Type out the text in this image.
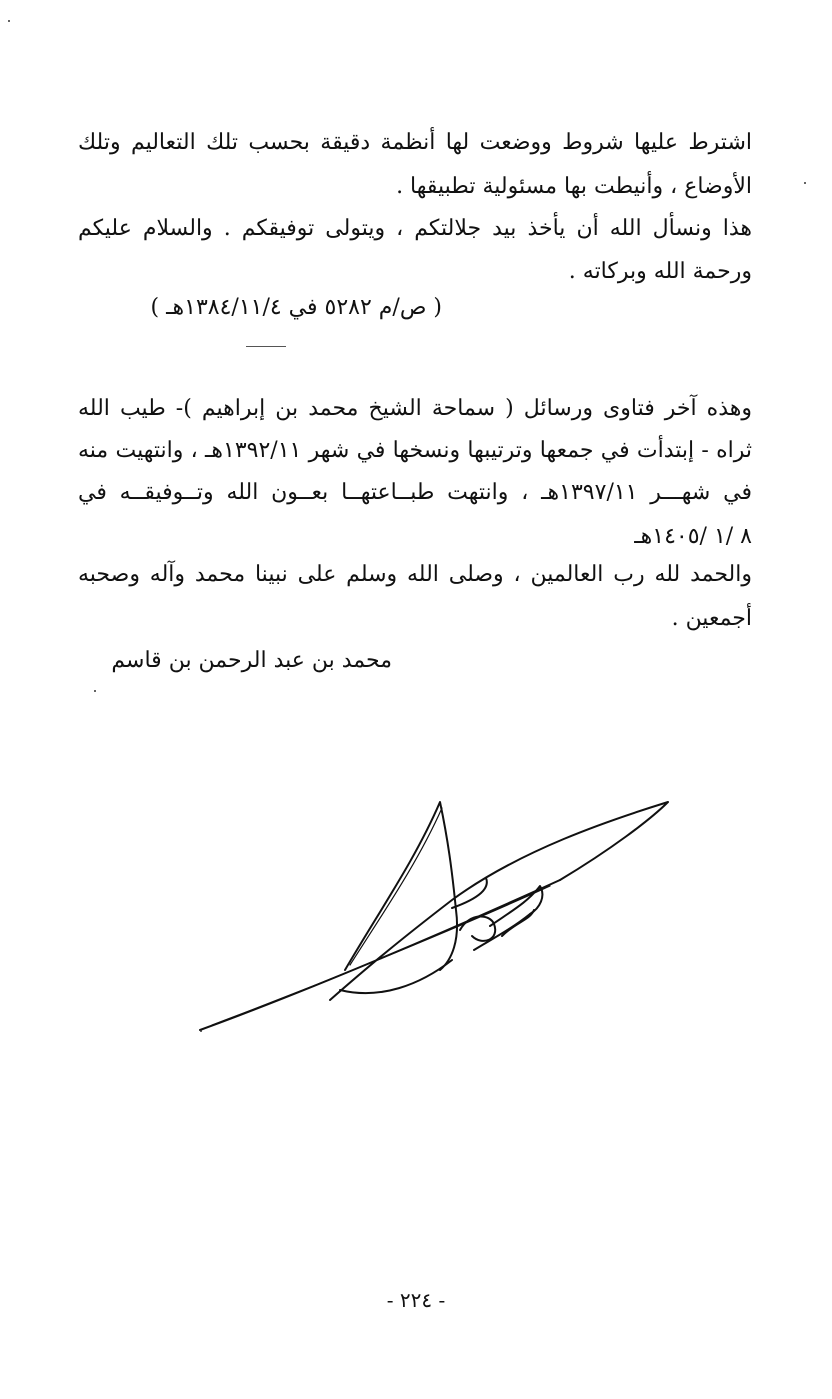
اشترط عليها شروط ووضعت لها أنظمة دقيقة بحسب تلك التعاليم وتلك
الأوضاع ، وأنيطت بها مسئولية تطبيقها .
هذا ونسأل الله أن يأخذ بيد جلالتكم ، ويتولى توفيقكم . والسلام عليكم
ورحمة الله وبركاته .
( ص/م ٥٢٨٢ في ١٣٨٤/١١/٤هـ )
وهذه آخر فتاوى ورسائل ( سماحة الشيخ محمد بن إبراهيم )- طيب الله
ثراه - إبتدأت في جمعها وترتيبها ونسخها في شهر ١٣٩٢/١١هـ ، وانتهيت منه
في شهـــر ١٣٩٧/١١هـ ، وانتهت طبــاعتهــا بعــون الله وتــوفيقــه في
٨ /١ /١٤٠٥هـ
والحمد لله رب العالمين ، وصلى الله وسلم على نبينا محمد وآله وصحبه
أجمعين .
محمد بن عبد الرحمن بن قاسم
- ٢٢٤ -
